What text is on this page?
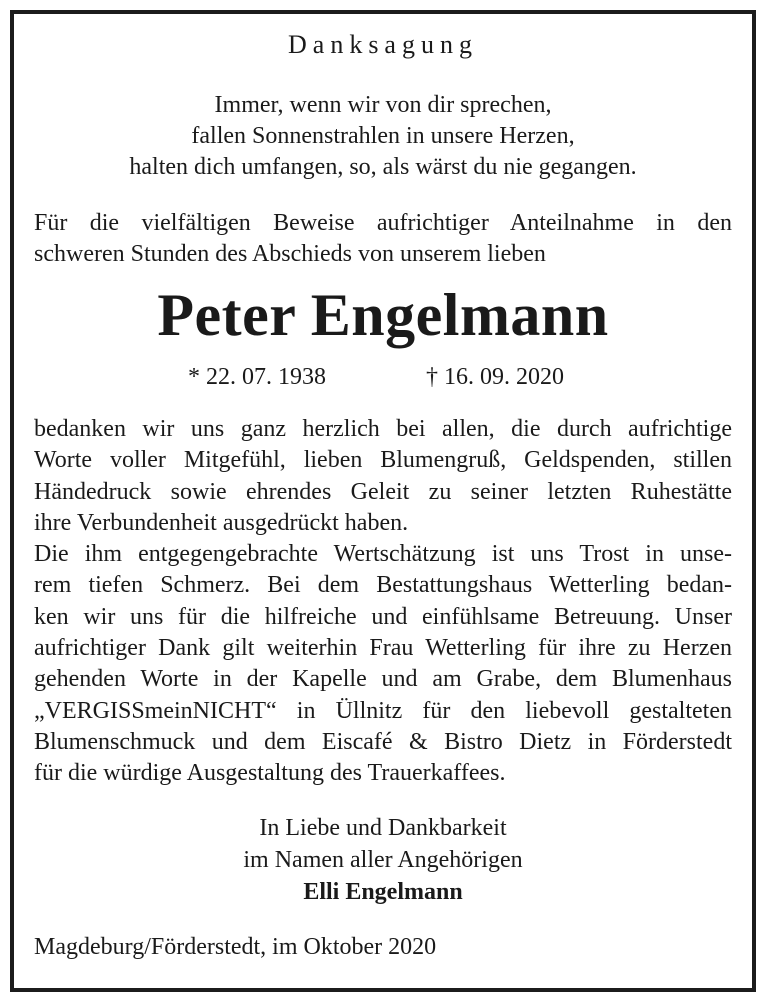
Danksagung
Immer, wenn wir von dir sprechen,
fallen Sonnenstrahlen in unsere Herzen,
halten dich umfangen, so, als wärst du nie gegangen.
Für die vielfältigen Beweise aufrichtiger Anteilnahme in den
schweren Stunden des Abschieds von unserem lieben
Peter Engelmann
* 22. 07. 1938	† 16. 09. 2020
bedanken wir uns ganz herzlich bei allen, die durch aufrichtige
Worte voller Mitgefühl, lieben Blumengruß, Geldspenden, stillen
Händedruck sowie ehrendes Geleit zu seiner letzten Ruhestätte
ihre Verbundenheit ausgedrückt haben.
Die ihm entgegengebrachte Wertschätzung ist uns Trost in unse-
rem tiefen Schmerz. Bei dem Bestattungshaus Wetterling bedan-
ken wir uns für die hilfreiche und einfühlsame Betreuung. Unser
aufrichtiger Dank gilt weiterhin Frau Wetterling für ihre zu Herzen
gehenden Worte in der Kapelle und am Grabe, dem Blumenhaus
„VERGISSmeinNICHT“ in Üllnitz für den liebevoll gestalteten
Blumenschmuck und dem Eiscafé & Bistro Dietz in Förderstedt
für die würdige Ausgestaltung des Trauerkaffees.
In Liebe und Dankbarkeit
im Namen aller Angehörigen
Elli Engelmann
Magdeburg/Förderstedt, im Oktober 2020
